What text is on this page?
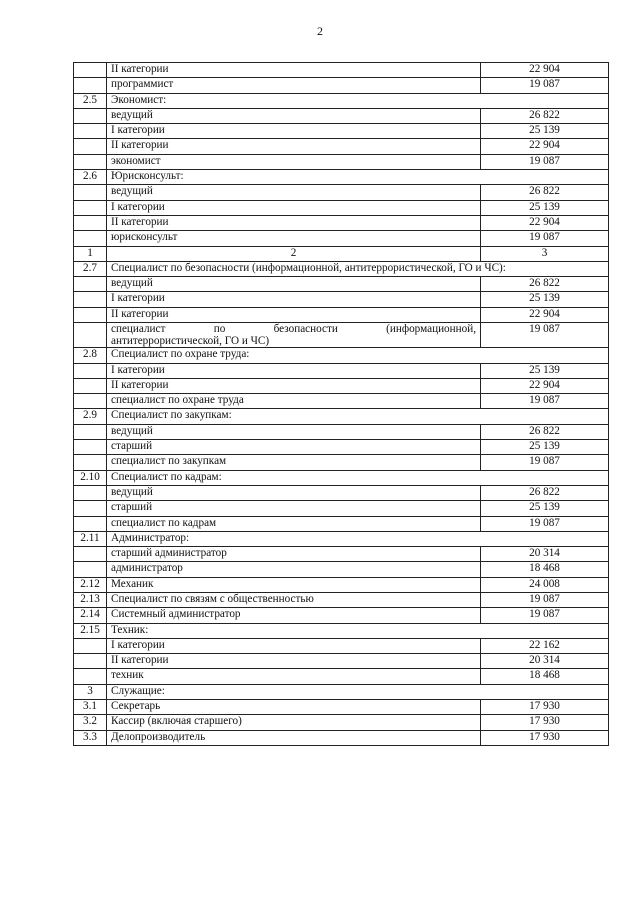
2
	II категории	22 904
	программист	19 087
2.5	Экономист:	
	ведущий	26 822
	I категории	25 139
	II категории	22 904
	экономист	19 087
2.6	Юрисконсульт:	
	ведущий	26 822
	I категории	25 139
	II категории	22 904
	юрисконсульт	19 087
1	2	3
2.7	Специалист по безопасности (информационной, антитеррористической, ГО и ЧС):	
	ведущий	26 822
	I категории	25 139
	II категории	22 904

	специалист по безопасности (информационной,
антитеррористической, ГО и ЧС)	19 087
2.8	Специалист по охране труда:	
	I категории	25 139
	II категории	22 904
	специалист по охране труда	19 087
2.9	Специалист по закупкам:	
	ведущий	26 822
	старший	25 139
	специалист по закупкам	19 087
2.10	Специалист по кадрам:	
	ведущий	26 822
	старший	25 139
	специалист по кадрам	19 087
2.11	Администратор:	
	старший администратор	20 314
	администратор	18 468
2.12	Механик	24 008
2.13	Специалист по связям с общественностью	19 087
2.14	Системный администратор	19 087
2.15	Техник:	
	I категории	22 162
	II категории	20 314
	техник	18 468
3	Служащие:	
3.1	Секретарь	17 930
3.2	Кассир (включая старшего)	17 930
3.3	Делопроизводитель	17 930
